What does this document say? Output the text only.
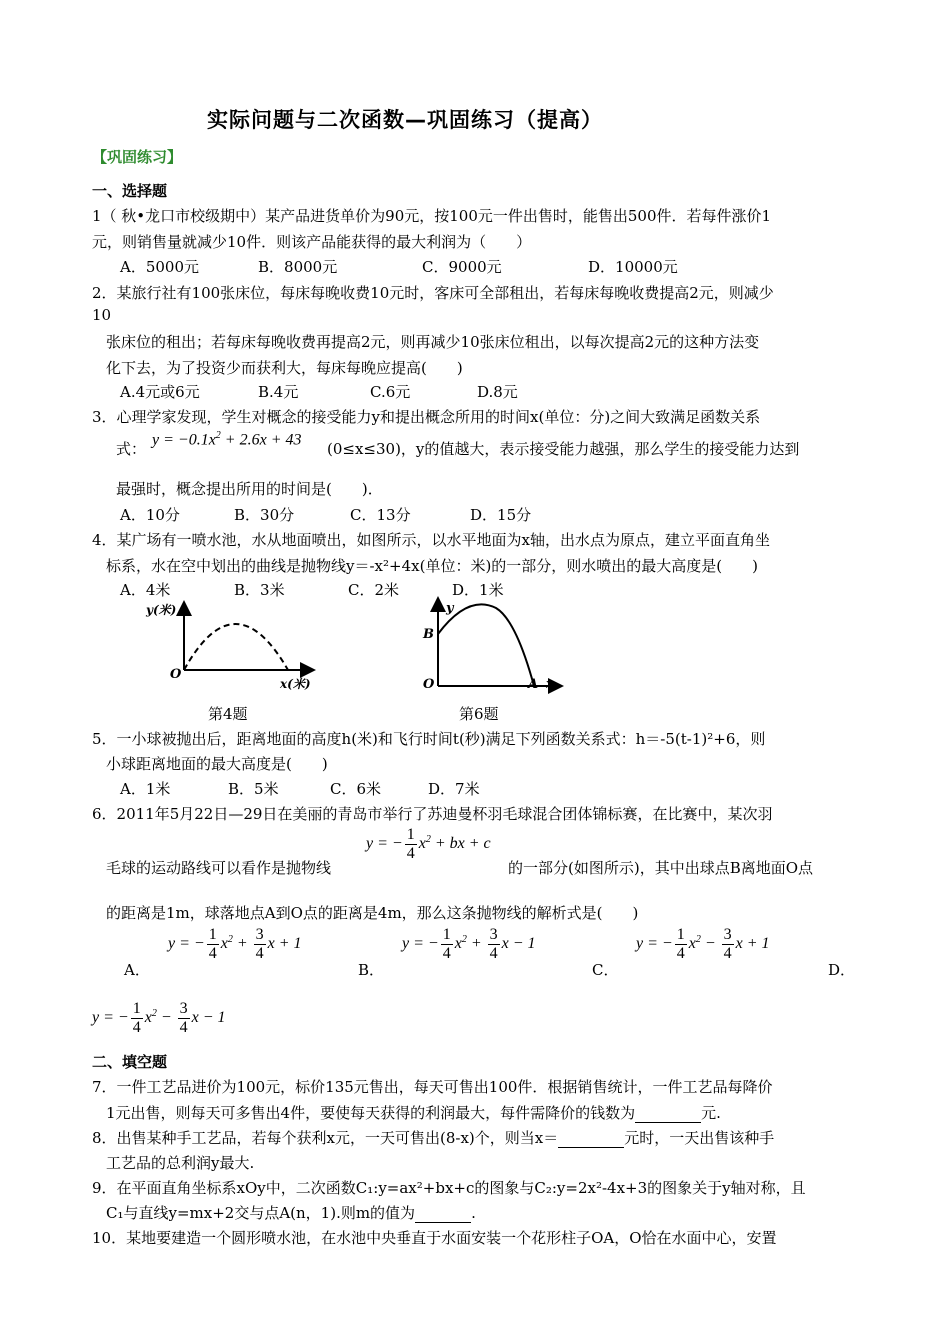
实际问题与二次函数—巩固练习（提高）
【巩固练习】
一、选择题
1（ 秋•龙口市校级期中）某产品进货单价为90元，按100元一件出售时，能售出500件．若每件涨价1
元，则销售量就减少10件．则该产品能获得的最大利润为（　　）
A．5000元	B．8000元	C．9000元	D．10000元
2．某旅行社有100张床位，每床每晚收费10元时，客床可全部租出，若每床每晚收费提高2元，则减少
10
张床位的租出；若每床每晚收费再提高2元，则再减少10张床位租出，以每次提高2元的这种方法变
化下去，为了投资少而获利大，每床每晚应提高(　　)
A.4元或6元	B.4元	C.6元	D.8元
3．心理学家发现，学生对概念的接受能力y和提出概念所用的时间x(单位：分)之间大致满足函数关系
式：
$y = -0.1x^2 + 2.6x + 43$
(0≤x≤30)，y的值越大，表示接受能力越强，那么学生的接受能力达到
最强时，概念提出所用的时间是(　　)．
A．10分	B．30分	C．13分	D．15分
4．某广场有一喷水池，水从地面喷出，如图所示，以水平地面为x轴，出水点为原点，建立平面直角坐
标系，水在空中划出的曲线是抛物线y＝-x²+4x(单位：米)的一部分，则水喷出的最大高度是(　　)
A．4米	B．3米	C．2米	D．1米
y(米)
O
x(米)
第4题
y
B
O	A x
第6题
5．一小球被抛出后，距离地面的高度h(米)和飞行时间t(秒)满足下列函数关系式：h＝-5(t-1)²+6，则
小球距离地面的最大高度是(　　)
A．1米	B．5米	C．6米	D．7米
6．2011年5月22日—29日在美丽的青岛市举行了苏迪曼杯羽毛球混合团体锦标赛，在比赛中，某次羽
毛球的运动路线可以看作是抛物线
y = − $\frac{1}{4} x^2$ + bx + c
的一部分(如图所示)，其中出球点B离地面O点
的距离是1m，球落地点A到O点的距离是4m，那么这条抛物线的解析式是(　　)
y = − $\frac{1}{4} x^2 + \frac{3}{4}$ x + 1
A．
y = − $\frac{1}{4} x^2 + \frac{3}{4}$ x − 1
B．
y = − $\frac{1}{4} x^2 - \frac{3}{4}$ x + 1
C．	D．
y = − $\frac{1}{4} x^2 - \frac{3}{4}$ x − 1
二、填空题
7．一件工艺品进价为100元，标价135元售出，每天可售出100件．根据销售统计，一件工艺品每降价
1元出售，则每天可多售出4件，要使每天获得的利润最大，每件需降价的钱数为	元.
8．出售某种手工艺品，若每个获利x元，一天可售出(8-x)个，则当x＝	元时，一天出售该种手
工艺品的总利润y最大.
9．在平面直角坐标系xOy中，二次函数C₁:y=ax²+bx+c的图象与C₂:y=2x²-4x+3的图象关于y轴对称，且
C₁与直线y=mx+2交与点A(n，1).则m的值为	.
10．某地要建造一个圆形喷水池，在水池中央垂直于水面安装一个花形柱子OA，O恰在水面中心，安置
